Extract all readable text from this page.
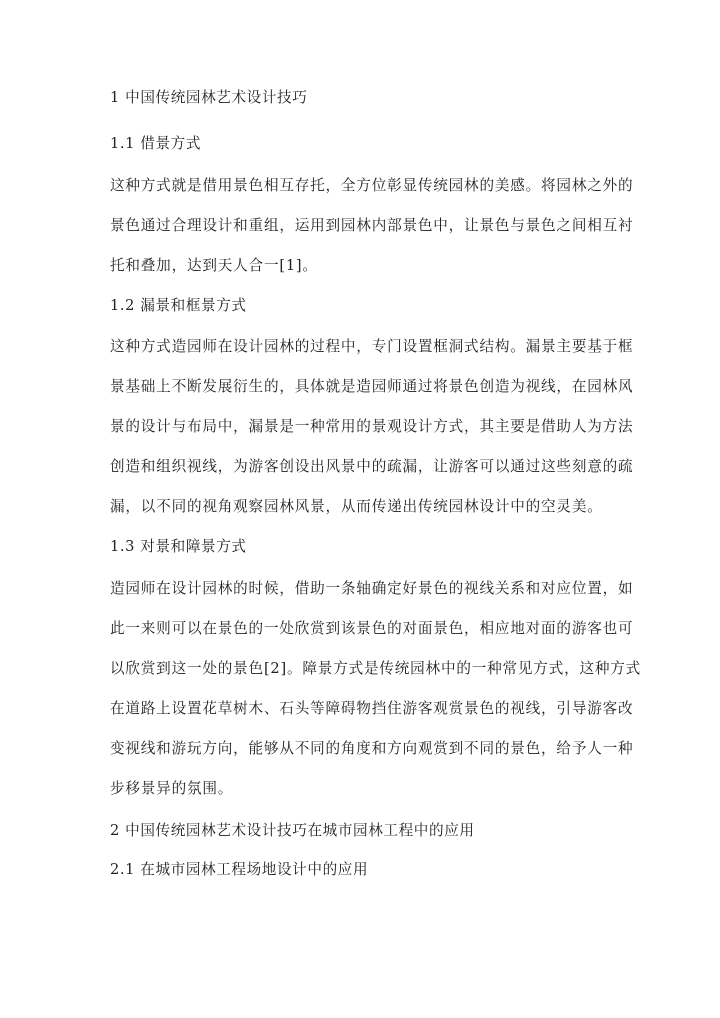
1 中国传统园林艺术设计技巧
1.1 借景方式
这种方式就是借用景色相互存托，全方位彰显传统园林的美感。将园林之外的
景色通过合理设计和重组，运用到园林内部景色中，让景色与景色之间相互衬
托和叠加，达到天人合一[1]。
1.2 漏景和框景方式
这种方式造园师在设计园林的过程中，专门设置框洞式结构。漏景主要基于框
景基础上不断发展衍生的，具体就是造园师通过将景色创造为视线，在园林风
景的设计与布局中，漏景是一种常用的景观设计方式，其主要是借助人为方法
创造和组织视线，为游客创设出风景中的疏漏，让游客可以通过这些刻意的疏
漏，以不同的视角观察园林风景，从而传递出传统园林设计中的空灵美。
1.3 对景和障景方式
造园师在设计园林的时候，借助一条轴确定好景色的视线关系和对应位置，如
此一来则可以在景色的一处欣赏到该景色的对面景色，相应地对面的游客也可
以欣赏到这一处的景色[2]。障景方式是传统园林中的一种常见方式，这种方式
在道路上设置花草树木、石头等障碍物挡住游客观赏景色的视线，引导游客改
变视线和游玩方向，能够从不同的角度和方向观赏到不同的景色，给予人一种
步移景异的氛围。
2 中国传统园林艺术设计技巧在城市园林工程中的应用
2.1 在城市园林工程场地设计中的应用
